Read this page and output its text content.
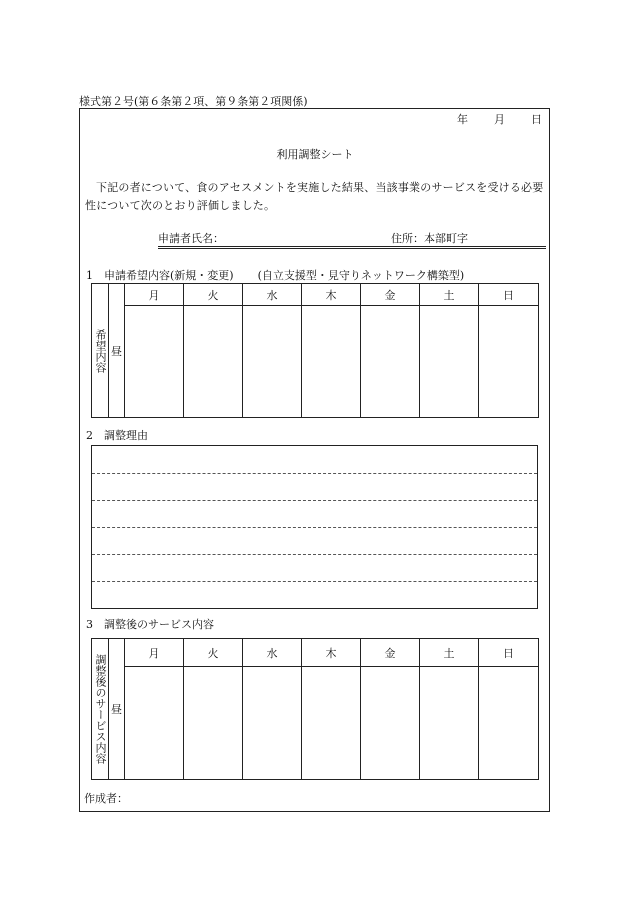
様式第２号(第６条第２項、第９条第２項関係)
年 月 日
利用調整シート
下記の者について、食のアセスメントを実施した結果、当該事業のサービスを受ける必要性について次のとおり評価しました。
申請者氏名：	住所：本部町字
1　申請希望内容(新規・変更) (自立支援型・見守りネットワーク構築型)
希望内容	昼	月	火	水	木	金	土	日

2　調整理由
3　調整後のサービス内容
調整後のサービス内容	昼	月	火	水	木	金	土	日

作成者：
